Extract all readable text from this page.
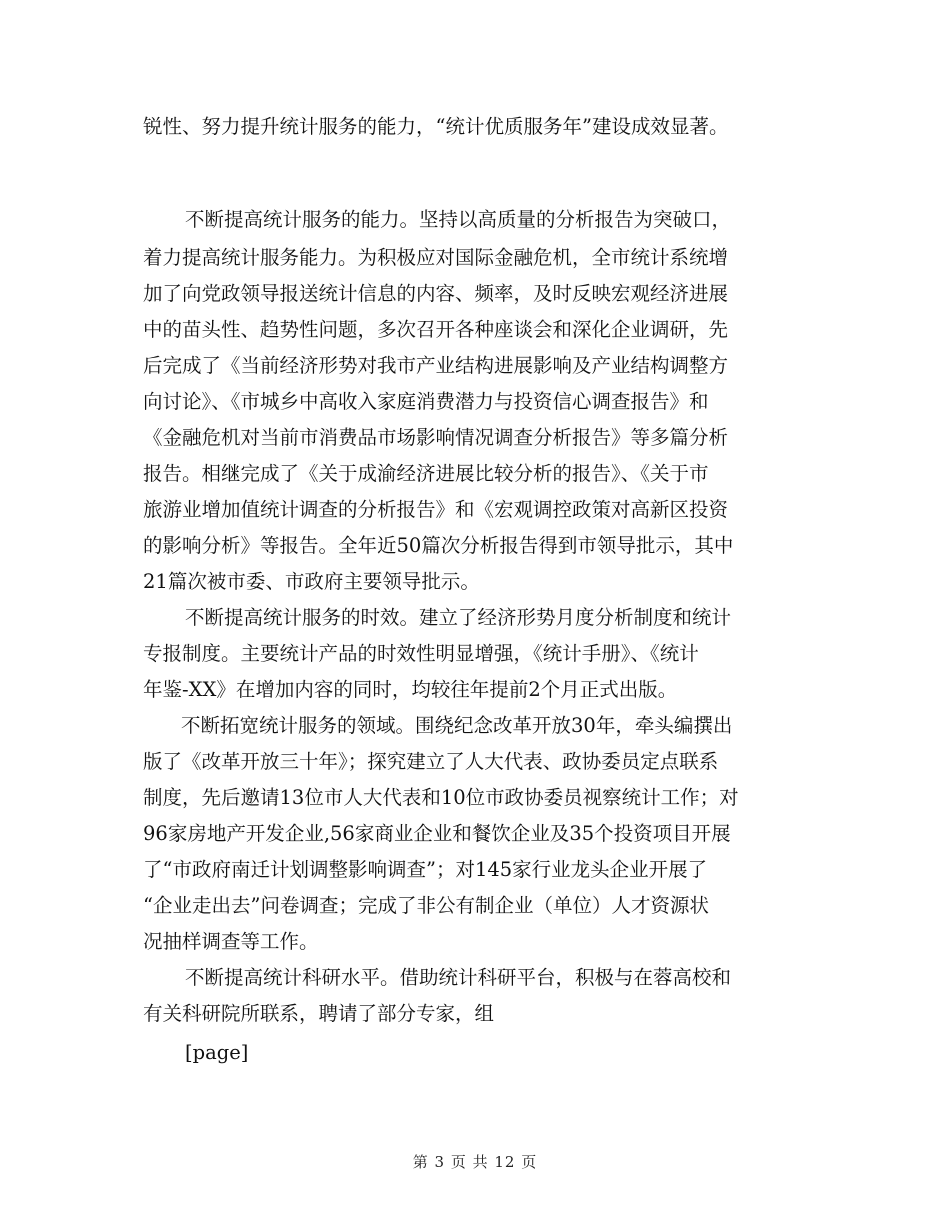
锐性、努力提升统计服务的能力，“统计优质服务年”建设成效显著。

不断提高统计服务的能力。坚持以高质量的分析报告为突破口，

着力提高统计服务能力。为积极应对国际金融危机，全市统计系统增

加了向党政领导报送统计信息的内容、频率，及时反映宏观经济进展

中的苗头性、趋势性问题，多次召开各种座谈会和深化企业调研，先

后完成了《当前经济形势对我市产业结构进展影响及产业结构调整方

向讨论》、《市城乡中高收入家庭消费潜力与投资信心调查报告》和

《金融危机对当前市消费品市场影响情况调查分析报告》等多篇分析

报告。相继完成了《关于成渝经济进展比较分析的报告》、《关于市

旅游业增加值统计调查的分析报告》和《宏观调控政策对高新区投资

的影响分析》等报告。全年近50篇次分析报告得到市领导批示，其中

21篇次被市委、市政府主要领导批示。

不断提高统计服务的时效。建立了经济形势月度分析制度和统计

专报制度。主要统计产品的时效性明显增强，《统计手册》、《统计

年鉴-XX》在增加内容的同时，均较往年提前2个月正式出版。

不断拓宽统计服务的领域。围绕纪念改革开放30年，牵头编撰出

版了《改革开放三十年》；探究建立了人大代表、政协委员定点联系

制度，先后邀请13位市人大代表和10位市政协委员视察统计工作；对

96家房地产开发企业,56家商业企业和餐饮企业及35个投资项目开展

了“市政府南迁计划调整影响调查”；对145家行业龙头企业开展了

“企业走出去”问卷调查；完成了非公有制企业（单位）人才资源状

况抽样调查等工作。

不断提高统计科研水平。借助统计科研平台，积极与在蓉高校和

有关科研院所联系，聘请了部分专家，组

[page]

第 3 页 共 12 页
